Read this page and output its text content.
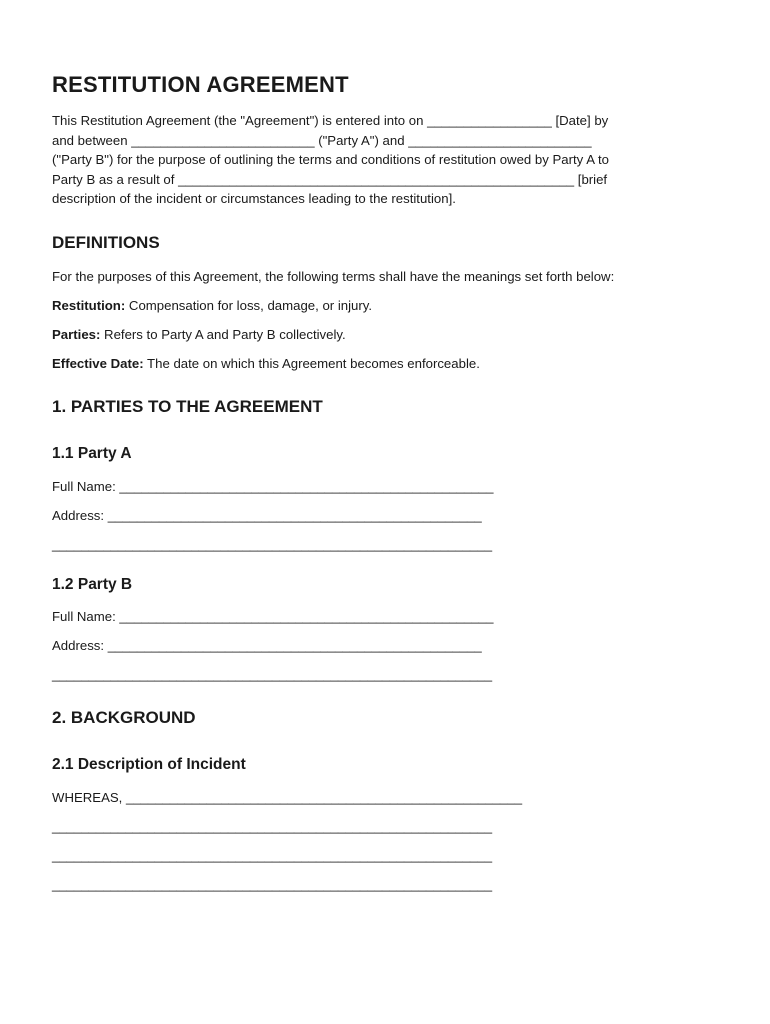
RESTITUTION AGREEMENT
This Restitution Agreement (the "Agreement") is entered into on _________________ [Date] by
and between _________________________ ("Party A") and _________________________
("Party B") for the purpose of outlining the terms and conditions of restitution owed by Party A to
Party B as a result of ______________________________________________________ [brief
description of the incident or circumstances leading to the restitution].
DEFINITIONS
For the purposes of this Agreement, the following terms shall have the meanings set forth below:
Restitution: Compensation for loss, damage, or injury.
Parties: Refers to Party A and Party B collectively.
Effective Date: The date on which this Agreement becomes enforceable.
1. PARTIES TO THE AGREEMENT
1.1 Party A
Full Name: ___________________________________________________
Address: ___________________________________________________
____________________________________________________________
1.2 Party B
Full Name: ___________________________________________________
Address: ___________________________________________________
____________________________________________________________
2. BACKGROUND
2.1 Description of Incident
WHEREAS, ______________________________________________________
____________________________________________________________
____________________________________________________________
____________________________________________________________
